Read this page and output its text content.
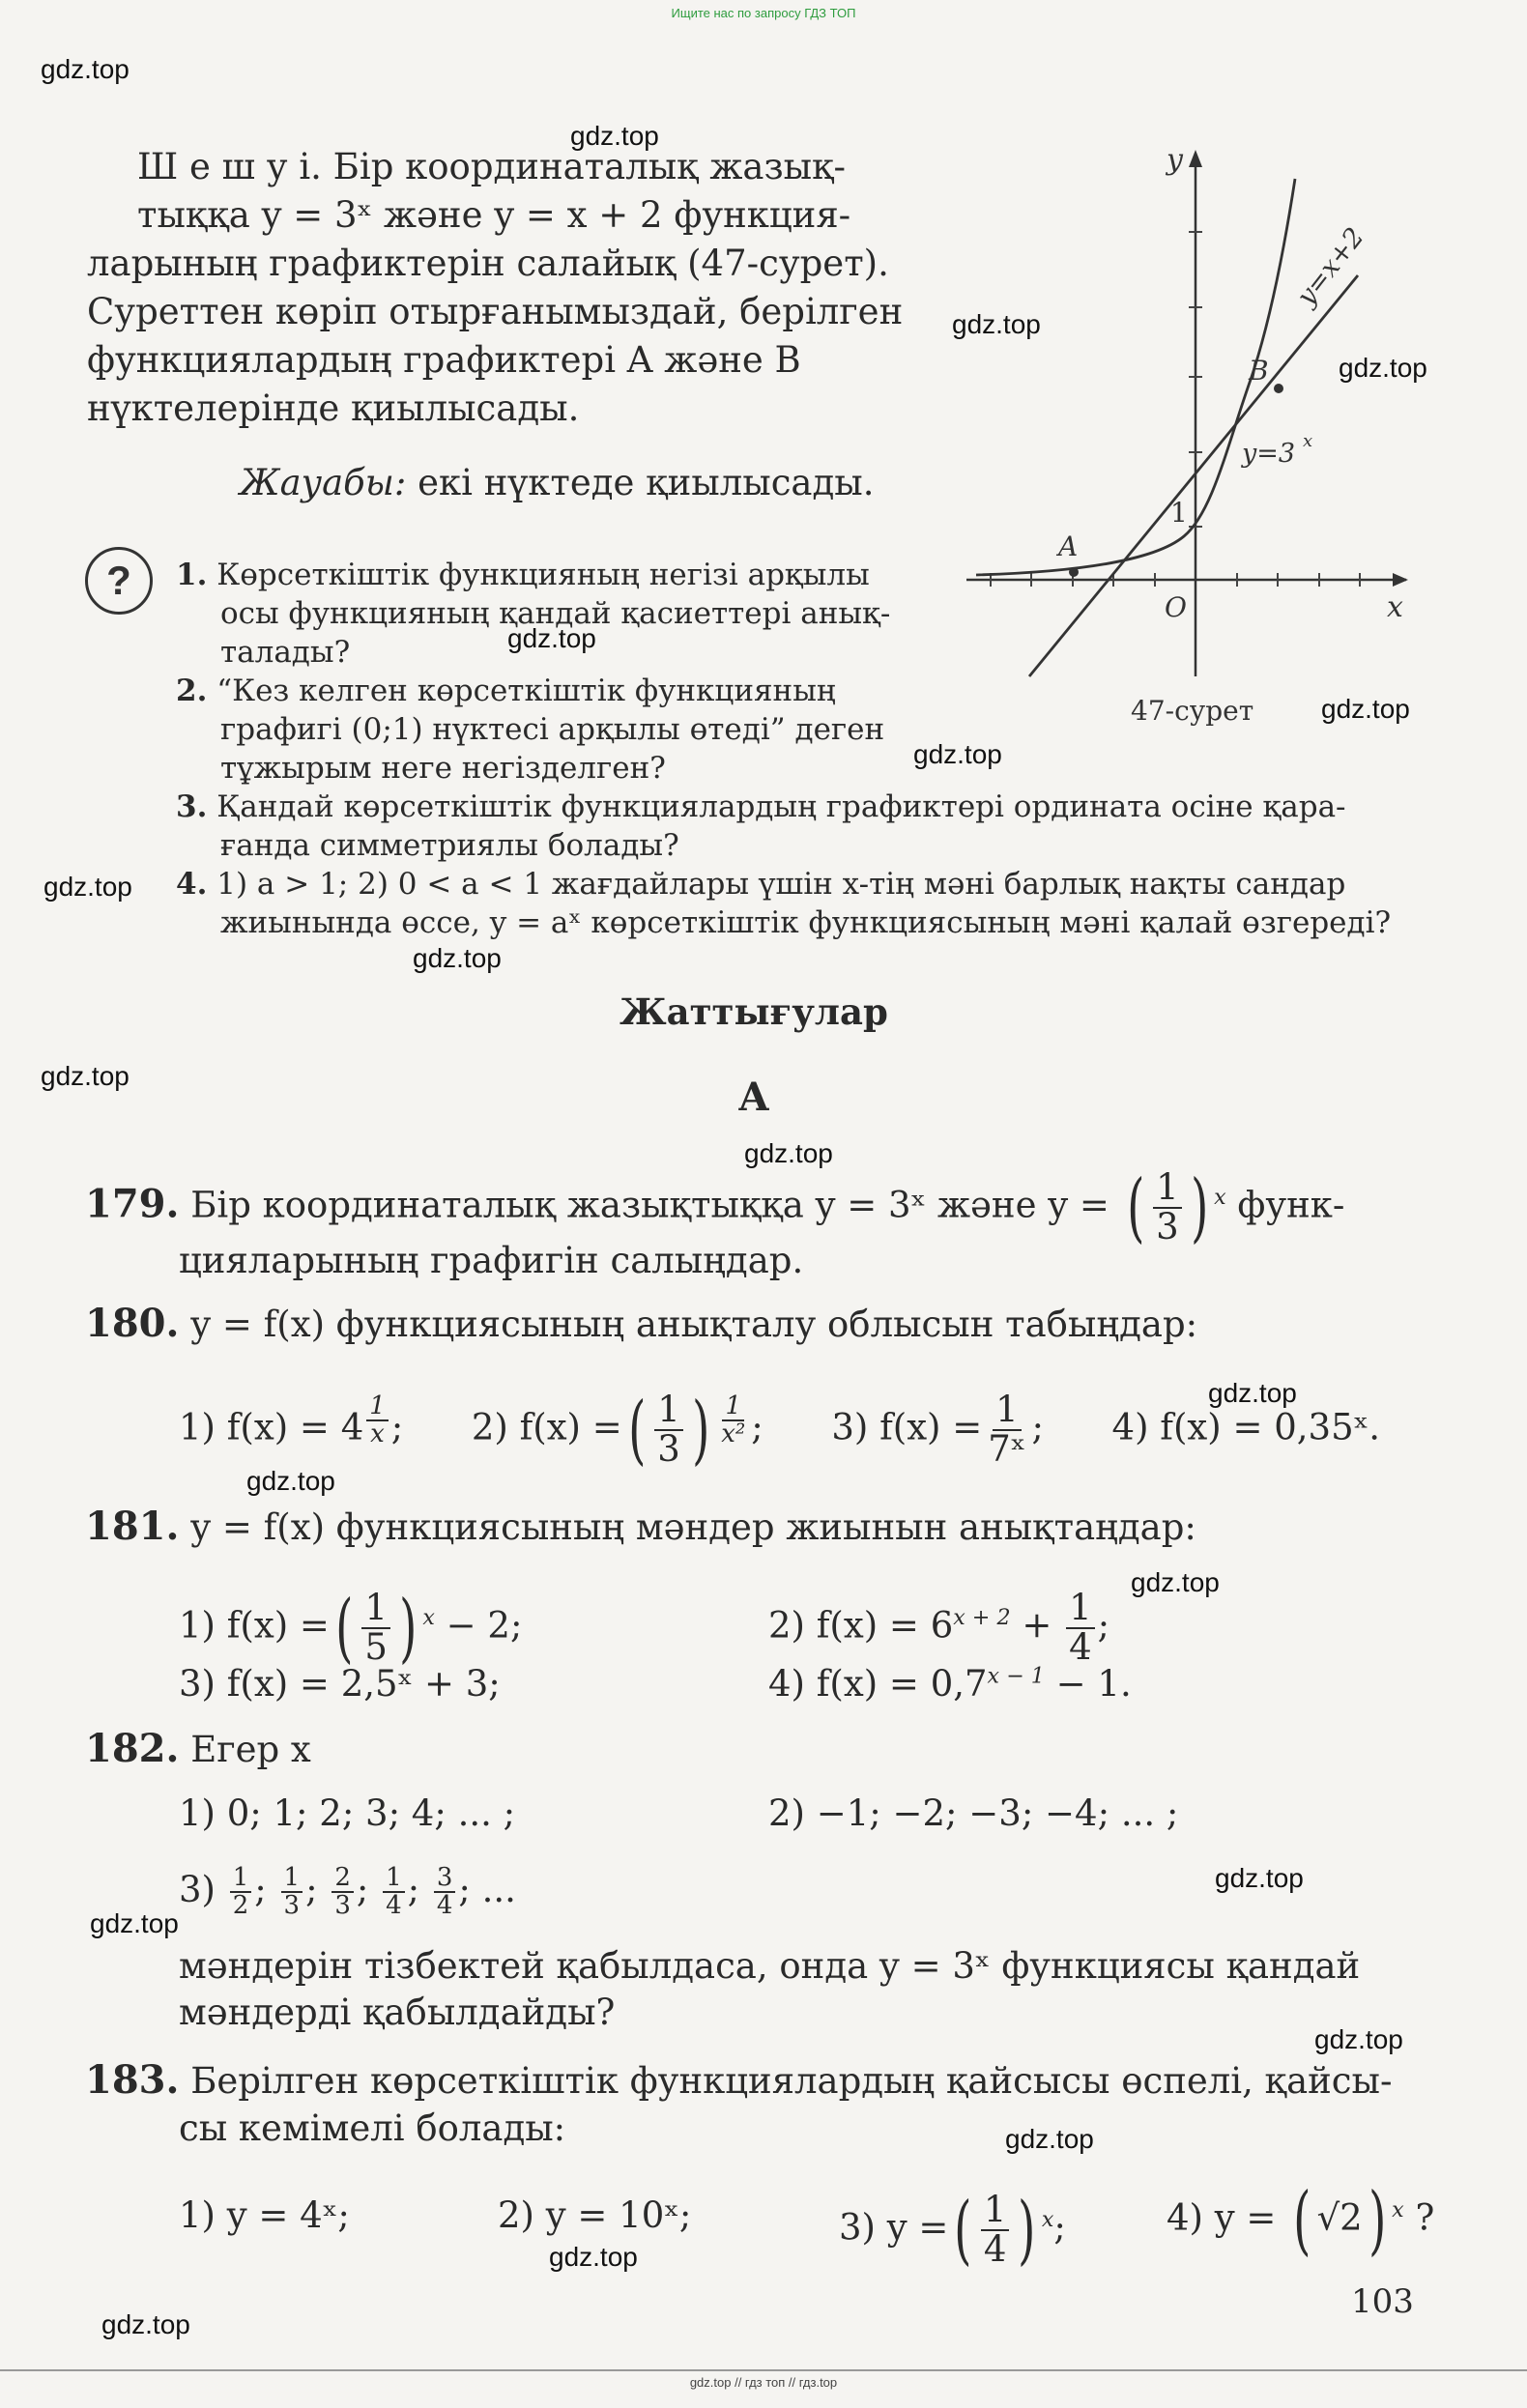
Ищите нас по запросу ГДЗ ТОП
gdz.top
gdz.top
gdz.top
gdz.top
gdz.top
gdz.top
gdz.top
gdz.top
gdz.top
gdz.top
gdz.top
gdz.top
gdz.top
gdz.top
gdz.top
gdz.top
gdz.top
gdz.top
gdz.top
gdz.top
Ш е ш у і. Бір координаталық жазық-
тыққа y = 3ˣ және y = x + 2 функция-
ларының графиктерін салайық (47-сурет).
Суреттен көріп отырғанымыздай, берілген
функциялардың графиктері A және B
нүктелерінде қиылысады.
Жауабы: екі нүктеде қиылысады.
y
x
O
1
A
B
y=x+2
y=3 x
47-сурет
?	1. Көрсеткіштік функцияның негізі арқылы
осы функцияның қандай қасиеттері анық-
талады?
2. “Кез келген көрсеткіштік функцияның
графигі (0;1) нүктесі арқылы өтеді” деген
тұжырым неге негізделген?
3. Қандай көрсеткіштік функциялардың графиктері ордината осіне қара-
ғанда симметриялы болады?
4. 1) a > 1; 2) 0 < a < 1 жағдайлары үшін x-тің мәні барлық нақты сандар
жиынында өссе, y = aˣ көрсеткіштік функциясының мәні қалай өзгереді?
Жаттығулар
А
179. Бір координаталық жазықтыққа y = 3ˣ және y = ( $\frac{1}{3}$ ) $^x$ функ-
цияларының графигін салыңдар.
180. y = f(x) функциясының анықталу облысын табыңдар:
1) f(x) = 4 $^{\frac{1}{x}}$ ;      2) f(x) =( $\frac{1}{3}$ ) $^{\frac{1}{\text{x²}}}$ ;      3) $f(x) = \frac{1}{\text{7ˣ}}$ ;      4) f(x) = 0,35ˣ.
181. y = f(x) функциясының мәндер жиынын анықтаңдар:
1) f(x) =( $\frac{1}{5}$ ) $^x$ − 2;	2) $f(x) = 6^{x + 2} + \frac{1}{4}$ ;
3) f(x) = 2,5ˣ + 3;	4) $f(x) = 0,7^{x - 1} - 1$.
182. Егер x
1) 0; 1; 2; 3; 4; ... ;	2) −1; −2; −3; −4; ... ;
$3) \frac{1}{2}$ ; $\frac{1}{3}$ ; $\frac{2}{3}$ ; $\frac{1}{4}$ ; $\frac{3}{4}$ ; ...
мәндерін тізбектей қабылдаса, онда y = 3ˣ функциясы қандай
мәндерді қабылдайды?
183. Берілген көрсеткіштік функциялардың қайсысы өспелі, қайсы-
сы кемімелі болады:
1) y = 4ˣ;	2) y = 10ˣ;	3) y =( $\frac{1}{4}$ ) $^x$;	4) y = ( √2) $^x$ ?
103
gdz.top // гдз топ // гдз.top
